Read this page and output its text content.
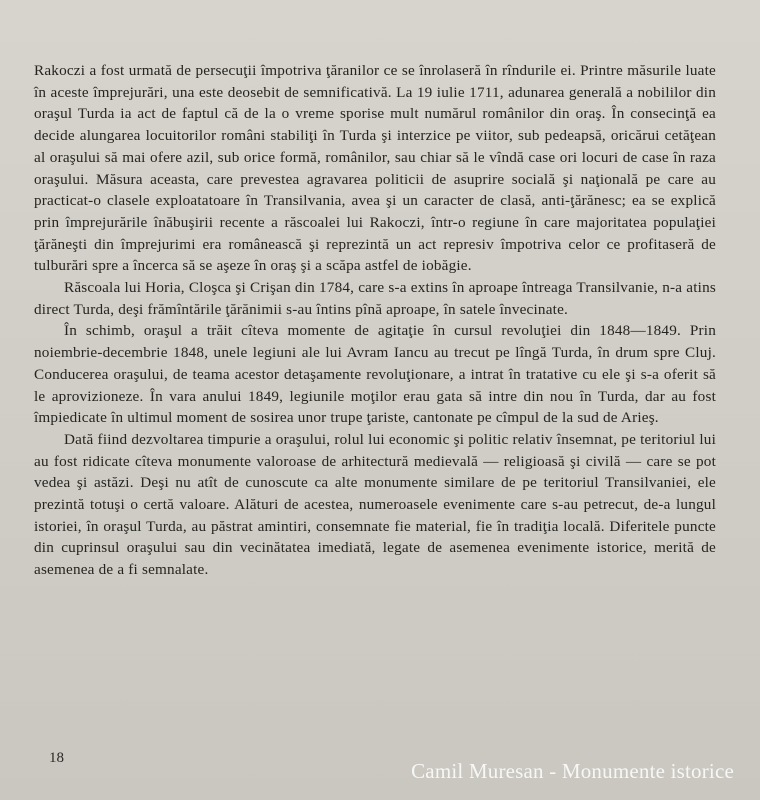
Rakoczi a fost urmată de persecuţii împotriva ţăranilor ce se înrolaseră în rîndurile ei. Printre măsurile luate în aceste împrejurări, una este deosebit de semnificativă. La 19 iulie 1711, adunarea generală a nobililor din oraşul Turda ia act de faptul că de la o vreme sporise mult numărul românilor din oraş. În consecinţă ea decide alungarea locuitorilor români stabiliţi în Turda şi interzice pe viitor, sub pedeapsă, oricărui cetăţean al oraşului să mai ofere azil, sub orice formă, românilor, sau chiar să le vîndă case ori locuri de case în raza oraşului. Măsura aceasta, care prevestea agravarea politicii de asuprire socială şi naţională pe care au practicat-o clasele exploatatoare în Transilvania, avea şi un caracter de clasă, anti-ţărănesc; ea se explică prin împrejurările înăbuşirii recente a răscoalei lui Rakoczi, într-o regiune în care majoritatea populaţiei ţărăneşti din împrejurimi era românească şi reprezintă un act represiv împotriva celor ce profitaseră de tulburări spre a încerca să se aşeze în oraş şi a scăpa astfel de iobăgie.

Răscoala lui Horia, Cloşca şi Crişan din 1784, care s-a extins în aproape întreaga Transilvanie, n-a atins direct Turda, deşi frămîntările ţărănimii s-au întins pînă aproape, în satele învecinate.

În schimb, oraşul a trăit cîteva momente de agitaţie în cursul revoluţiei din 1848—1849. Prin noiembrie-decembrie 1848, unele legiuni ale lui Avram Iancu au trecut pe lîngă Turda, în drum spre Cluj. Conducerea oraşului, de teama acestor detaşamente revoluţionare, a intrat în tratative cu ele şi s-a oferit să le aprovizioneze. În vara anului 1849, legiunile moţilor erau gata să intre din nou în Turda, dar au fost împiedicate în ultimul moment de sosirea unor trupe ţariste, cantonate pe cîmpul de la sud de Arieş.

Dată fiind dezvoltarea timpurie a oraşului, rolul lui economic şi politic relativ însemnat, pe teritoriul lui au fost ridicate cîteva monumente valoroase de arhitectură medievală — religioasă şi civilă — care se pot vedea şi astăzi. Deşi nu atît de cunoscute ca alte monumente similare de pe teritoriul Transilvaniei, ele prezintă totuşi o certă valoare. Alături de acestea, numeroasele evenimente care s-au petrecut, de-a lungul istoriei, în oraşul Turda, au păstrat amintiri, consemnate fie material, fie în tradiţia locală. Diferitele puncte din cuprinsul oraşului sau din vecinătatea imediată, legate de asemenea evenimente istorice, merită de asemenea de a fi semnalate.

18
Camil Muresan - Monumente istorice
